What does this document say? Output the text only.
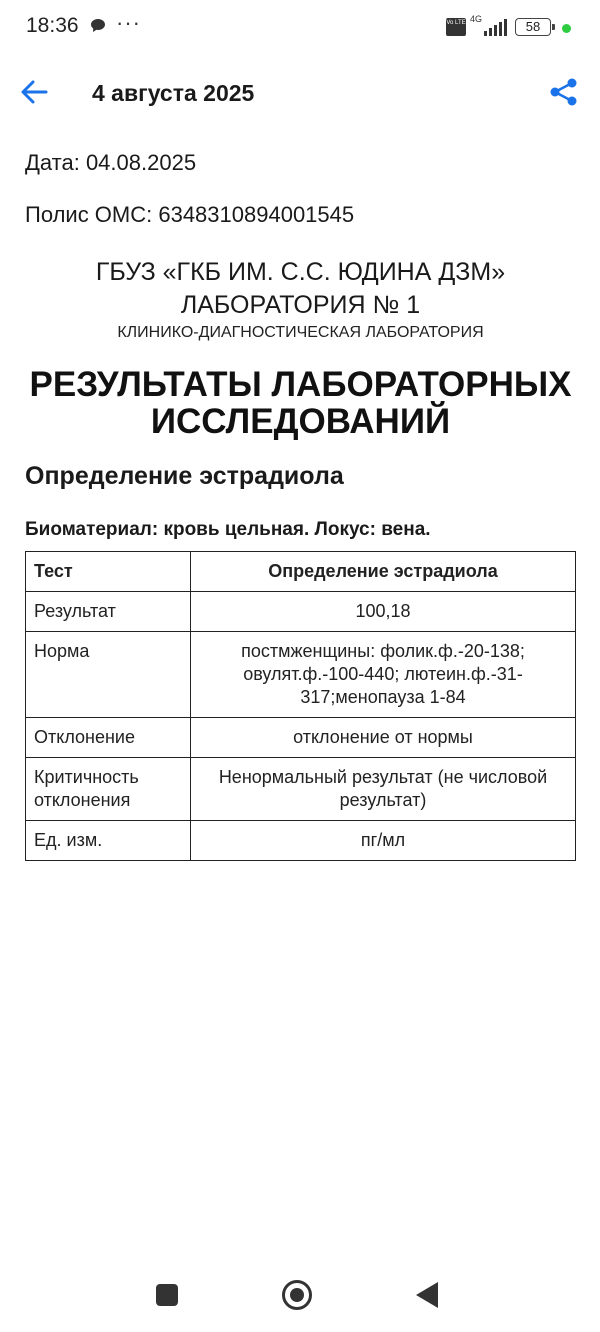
18:36 ···	Vo LTE 4G	58
4 августа 2025
Дата: 04.08.2025
Полис ОМС: 6348310894001545
ГБУЗ «ГКБ ИМ. С.С. ЮДИНА ДЗМ»
ЛАБОРАТОРИЯ № 1
КЛИНИКО-ДИАГНОСТИЧЕСКАЯ ЛАБОРАТОРИЯ
РЕЗУЛЬТАТЫ ЛАБОРАТОРНЫХ ИССЛЕДОВАНИЙ
Определение эстрадиола
Биоматериал: кровь цельная. Локус: вена.
Тест	Определение эстрадиола
Результат	100,18
Норма	постмженщины: фолик.ф.-20-138; овулят.ф.-100-440; лютеин.ф.-31-317;менопауза 1-84
Отклонение	отклонение от нормы
Критичность отклонения	Ненормальный результат (не числовой результат)
Ед. изм.	пг/мл
